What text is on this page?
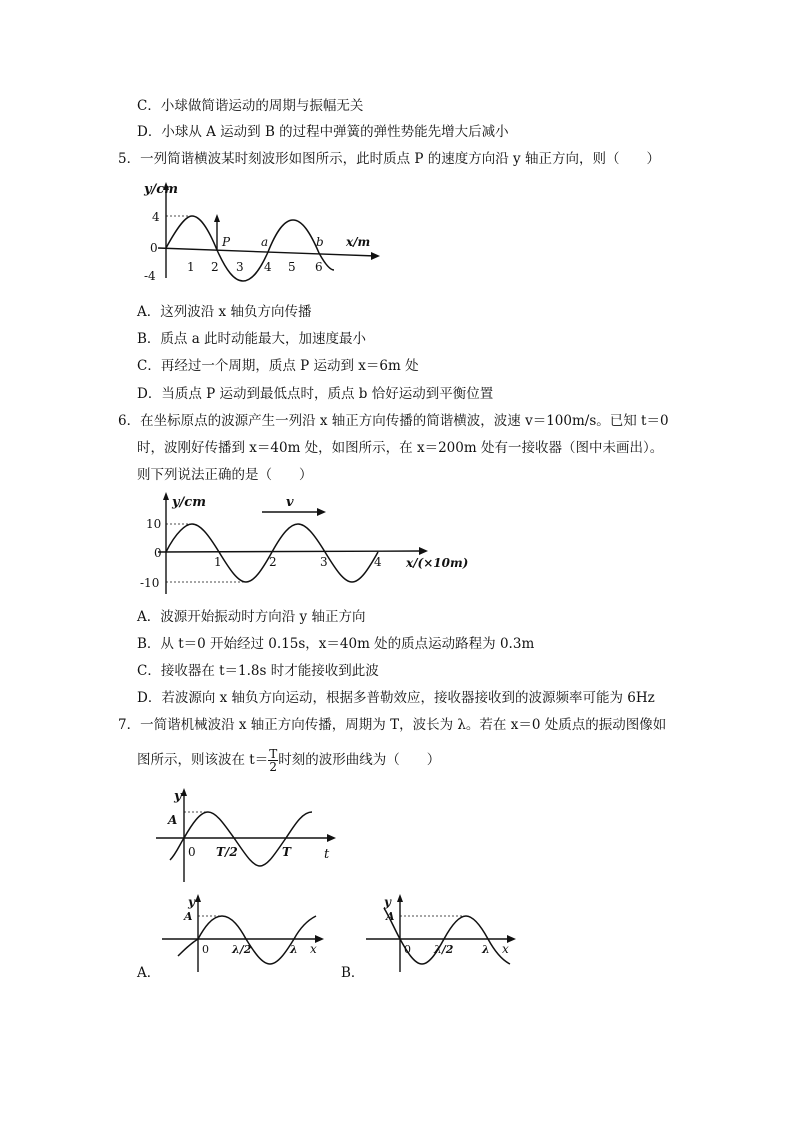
C．小球做简谐运动的周期与振幅无关
D．小球从 A 运动到 B 的过程中弹簧的弹性势能先增大后减小
5．一列简谐横波某时刻波形如图所示，此时质点 P 的速度方向沿 y 轴正方向，则（　　）
y/cm
4
0
-4
1 2 3 4 5 6
P	a	b x/m
A．这列波沿 x 轴负方向传播
B．质点 a 此时动能最大，加速度最小
C．再经过一个周期，质点 P 运动到 x＝6m 处
D．当质点 P 运动到最低点时，质点 b 恰好运动到平衡位置
6．在坐标原点的波源产生一列沿 x 轴正方向传播的简谐横波，波速 v＝100m/s。已知 t＝0
时，波刚好传播到 x＝40m 处，如图所示，在 x＝200m 处有一接收器（图中未画出）。
则下列说法正确的是（　　）
v
y/cm
10
0
-10
1	2	3	4 x/(×10m)
A．波源开始振动时方向沿 y 轴正方向
B．从 t＝0 开始经过 0.15s，x＝40m 处的质点运动路程为 0.3m
C．接收器在 t＝1.8s 时才能接收到此波
D．若波源向 x 轴负方向运动，根据多普勒效应，接收器接收到的波源频率可能为 6Hz
7．一简谐机械波沿 x 轴正方向传播，周期为 T，波长为 λ。若在 x＝0 处质点的振动图像如
图所示，则该波在 $t= \frac{T}{2}$ 时刻的波形曲线为（　　）
y
A
0 T/2	T	t
y
A
0 λ/2	λ x
A．
y
A
0 λ/2	λ x
B．
